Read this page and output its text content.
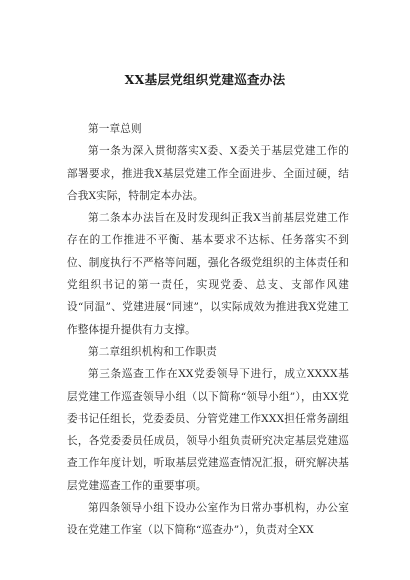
XX基层党组织党建巡查办法

第一章总则

第一条为深入贯彻落实X委、X委关于基层党建工作的部署要求，推进我X基层党建工作全面进步、全面过硬，结合我X实际，特制定本办法。

第二条本办法旨在及时发现纠正我X当前基层党建工作存在的工作推进不平衡、基本要求不达标、任务落实不到位、制度执行不严格等问题，强化各级党组织的主体责任和党组织书记的第一责任，实现党委、总支、支部作风建设“同温”、党建进展“同速”，以实际成效为推进我X党建工作整体提升提供有力支撑。

第二章组织机构和工作职责

第三条巡查工作在XX党委领导下进行，成立XXXX基层党建工作巡查领导小组（以下简称“领导小组”），由XX党委书记任组长，党委委员、分管党建工作XXX担任常务副组长，各党委委员任成员，领导小组负责研究决定基层党建巡查工作年度计划，听取基层党建巡查情况汇报，研究解决基层党建巡查工作的重要事项。

第四条领导小组下设办公室作为日常办事机构，办公室设在党建工作室（以下简称“巡查办”），负责对全XX
